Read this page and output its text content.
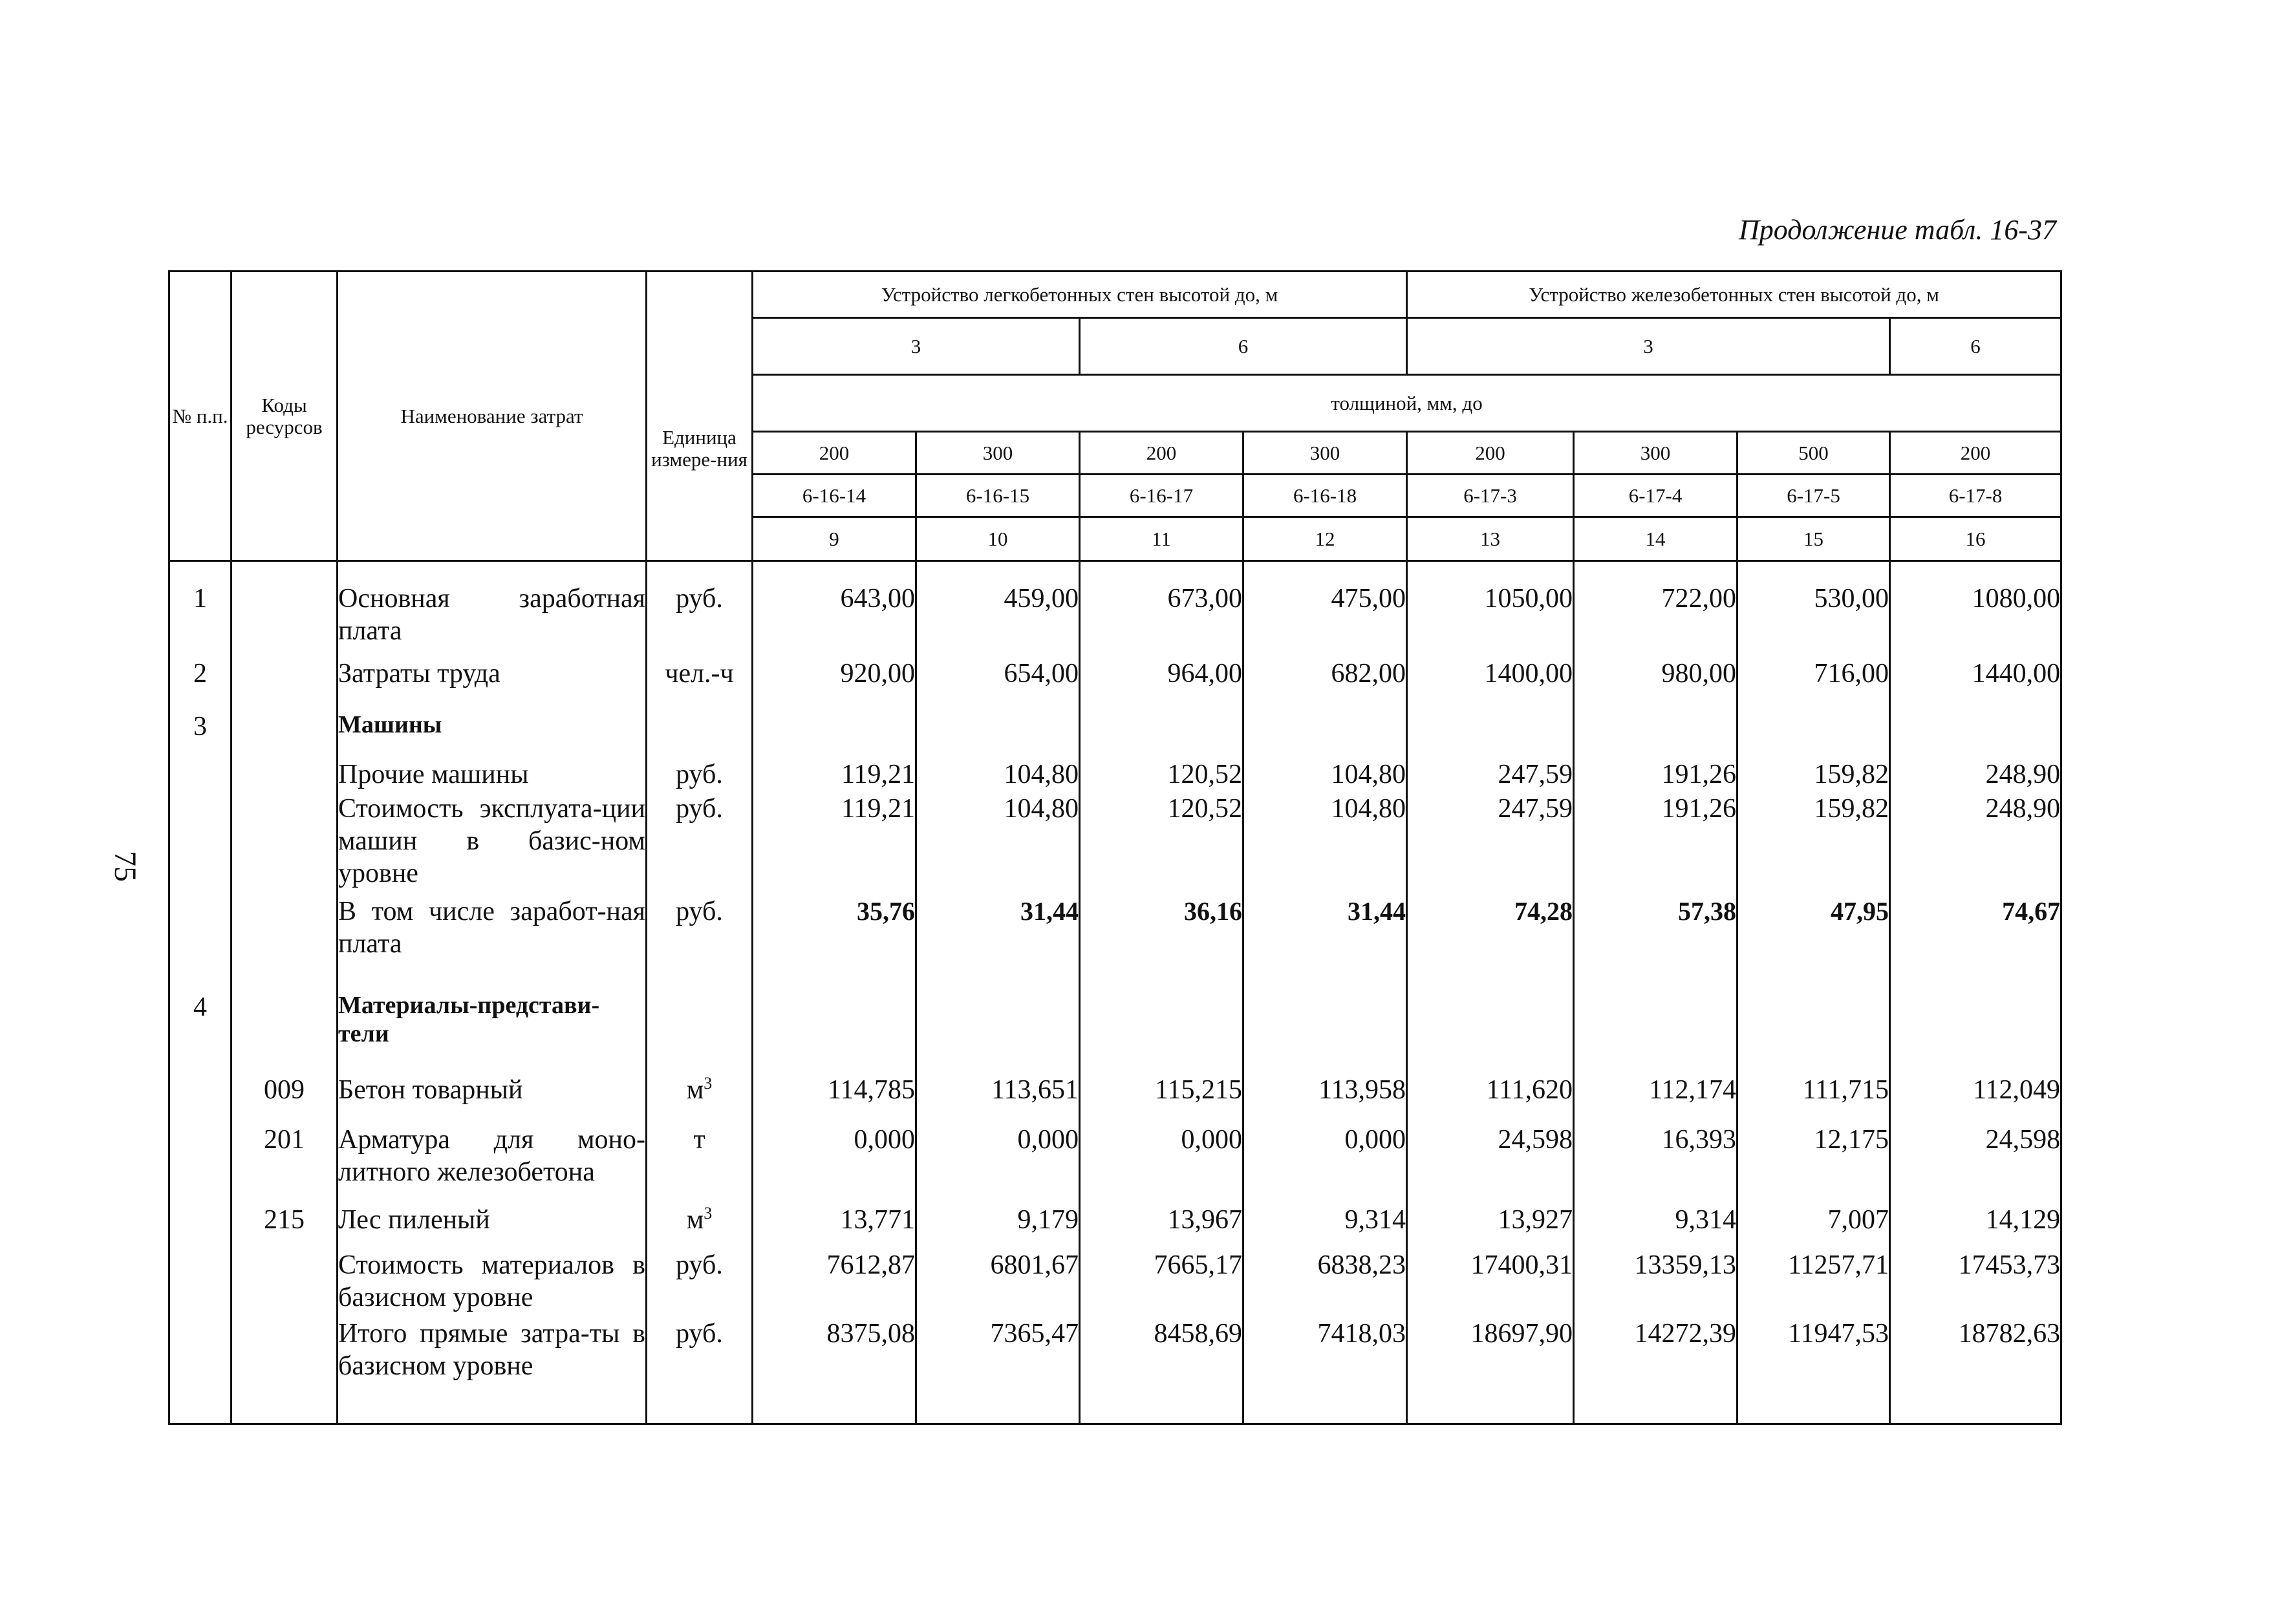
Продолжение табл. 16-37
75
№ п.п.	Коды ресурсов	Наименование затрат	Единица измере-ния	Устройство легкобетонных стен высотой до, м				Устройство железобетонных стен высотой до, м			
				3		6		3			6
				толщиной, мм, до							
				200	300	200	300	200	300	500	200
				6-16-14	6-16-15	6-16-17	6-16-18	6-17-3	6-17-4	6-17-5	6-17-8
				9	10	11	12	13	14	15	16

1		Основная заработная плата	руб.	643,00	459,00	673,00	475,00	1050,00	722,00	530,00	1080,00
2		Затраты труда	чел.-ч	920,00	654,00	964,00	682,00	1400,00	980,00	716,00	1440,00
3		Машины									
		Прочие машины	руб.	119,21	104,80	120,52	104,80	247,59	191,26	159,82	248,90
		Стоимость эксплуата-ции машин в базис-ном уровне	руб.	119,21	104,80	120,52	104,80	247,59	191,26	159,82	248,90
		В том числе заработ-ная плата	руб.	35,76	31,44	36,16	31,44	74,28	57,38	47,95	74,67
4		Материалы-представи-тели									
	009	Бетон товарный	$м^3$	114,785	113,651	115,215	113,958	111,620	112,174	111,715	112,049
	201	Арматура для моно-литного железобетона	т	0,000	0,000	0,000	0,000	24,598	16,393	12,175	24,598
	215	Лес пиленый	$м^3$	13,771	9,179	13,967	9,314	13,927	9,314	7,007	14,129
		Стоимость материалов в базисном уровне	руб.	7612,87	6801,67	7665,17	6838,23	17400,31	13359,13	11257,71	17453,73
		Итого прямые затра-ты в базисном уровне	руб.	8375,08	7365,47	8458,69	7418,03	18697,90	14272,39	11947,53	18782,63
